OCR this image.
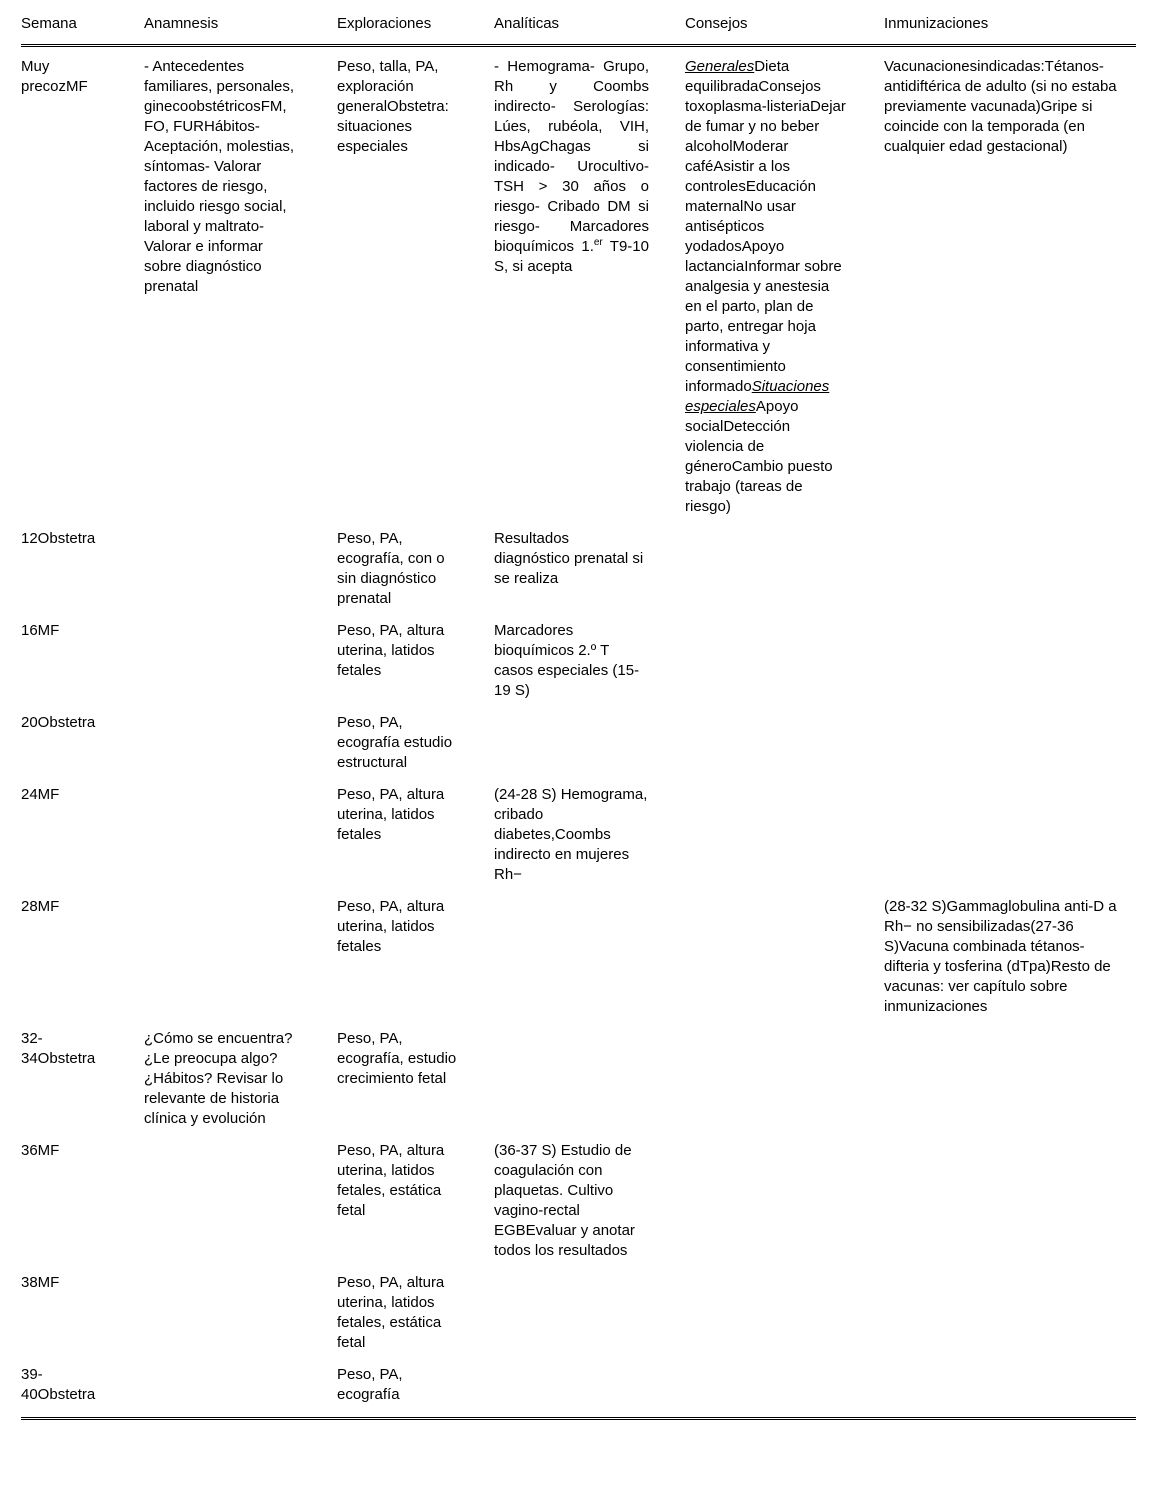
Semana	Anamnesis	Exploraciones	Analíticas	Consejos	Inmunizaciones
Muy precozMF	- Antecedentes familiares, personales, ginecoobstétricosFM, FO, FURHábitos- Aceptación, molestias, síntomas- Valorar factores de riesgo, incluido riesgo social, laboral y maltrato- Valorar e informar sobre diagnóstico prenatal	Peso, talla, PA, exploración generalObstetra: situaciones especiales	- Hemograma- Grupo, Rh y Coombs indirecto- Serologías: Lúes, rubéola, VIH, HbsAgChagas si indicado- Urocultivo- TSH > 30 años o riesgo- Cribado DM si riesgo- Marcadores bioquímicos 1.$^{er}$ T9-10 S, si acepta	GeneralesDieta equilibradaConsejos toxoplasma-listeriaDejar de fumar y no beber alcoholModerar caféAsistir a los controlesEducación maternalNo usar antisépticos yodadosApoyo lactanciaInformar sobre analgesia y anestesia en el parto, plan de parto, entregar hoja informativa y consentimiento informadoSituaciones especialesApoyo socialDetección violencia de géneroCambio puesto trabajo (tareas de riesgo)	Vacunacionesindicadas:Tétanos-antidiftérica de adulto (si no estaba previamente vacunada)Gripe si coincide con la temporada (en cualquier edad gestacional)
12Obstetra		Peso, PA, ecografía, con o sin diagnóstico prenatal	Resultados diagnóstico prenatal si se realiza		
16MF		Peso, PA, altura uterina, latidos fetales	Marcadores bioquímicos 2.º T casos especiales (15-19 S)		
20Obstetra		Peso, PA, ecografía estudio estructural			
24MF		Peso, PA, altura uterina, latidos fetales	(24-28 S) Hemograma, cribado diabetes,Coombs indirecto en mujeres Rh−		
28MF		Peso, PA, altura uterina, latidos fetales			(28-32 S)Gammaglobulina anti-D a Rh− no sensibilizadas(27-36 S)Vacuna combinada tétanos-difteria y tosferina (dTpa)Resto de vacunas: ver capítulo sobre inmunizaciones
32-34Obstetra	¿Cómo se encuentra?¿Le preocupa algo?¿Hábitos? Revisar lo relevante de historia clínica y evolución	Peso, PA, ecografía, estudio crecimiento fetal			
36MF		Peso, PA, altura uterina, latidos fetales, estática fetal	(36-37 S) Estudio de coagulación con plaquetas. Cultivo vagino-rectal EGBEvaluar y anotar todos los resultados		
38MF		Peso, PA, altura uterina, latidos fetales, estática fetal			
39-40Obstetra		Peso, PA, ecografía			
